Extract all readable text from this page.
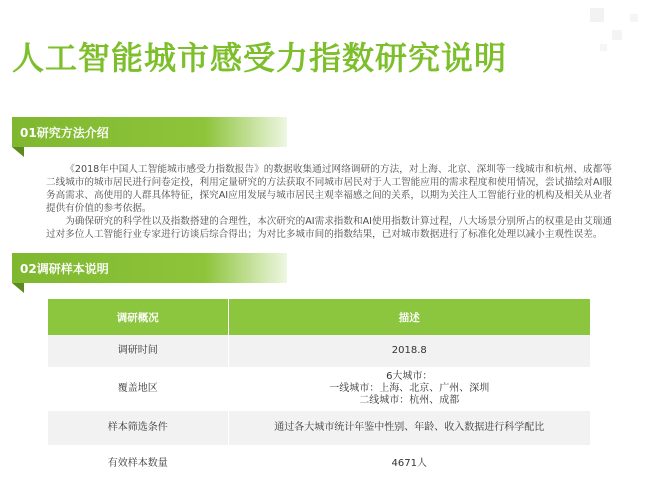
人工智能城市感受力指数研究说明
01研究方法介绍

《2018年中国人工智能城市感受力指数报告》的数据收集通过网络调研的方法，对上海、北京、深圳等一线城市和杭州、成都等二线城市的城市居民进行问卷定投，利用定量研究的方法获取不同城市居民对于人工智能应用的需求程度和使用情况，尝试描绘对AI服务高需求、高使用的人群具体特征，探究AI应用发展与城市居民主观幸福感之间的关系，以期为关注人工智能行业的机构及相关从业者提供有价值的参考依据。

为确保研究的科学性以及指数搭建的合理性，本次研究的AI需求指数和AI使用指数计算过程，八大场景分别所占的权重是由艾瑞通过对多位人工智能行业专家进行访谈后综合得出；为对比多城市间的指数结果，已对城市数据进行了标准化处理以减小主观性误差。

02调研样本说明
调研概况	描述
调研时间	2018.8

覆盖地区	6大城市：
一线城市：上海、北京、广州、深圳
二线城市：杭州、成都

样本筛选条件	通过各大城市统计年鉴中性别、年龄、收入数据进行科学配比

有效样本数量	4671人
